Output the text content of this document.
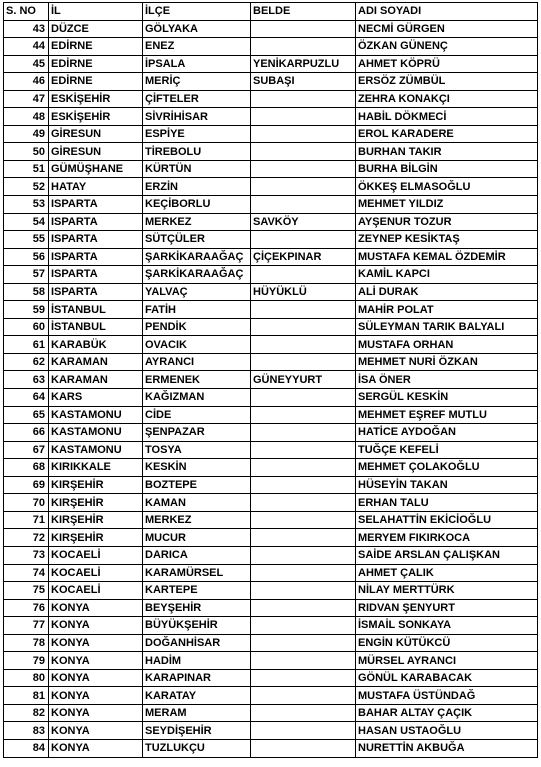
S. NO	İL	İLÇE	BELDE	ADI SOYADI
43	DÜZCE	GÖLYAKA		NECMİ GÜRGEN
44	EDİRNE	ENEZ		ÖZKAN GÜNENÇ
45	EDİRNE	İPSALA	YENİKARPUZLU	AHMET KÖPRÜ
46	EDİRNE	MERİÇ	SUBAŞI	ERSÖZ ZÜMBÜL
47	ESKİŞEHİR	ÇİFTELER		ZEHRA KONAKÇI
48	ESKİŞEHİR	SİVRİHİSAR		HABİL DÖKMECİ
49	GİRESUN	ESPİYE		EROL KARADERE
50	GİRESUN	TİREBOLU		BURHAN TAKIR
51	GÜMÜŞHANE	KÜRTÜN		BURHA BİLGİN
52	HATAY	ERZİN		ÖKKEŞ ELMASOĞLU
53	ISPARTA	KEÇİBORLU		MEHMET YILDIZ
54	ISPARTA	MERKEZ	SAVKÖY	AYŞENUR TOZUR
55	ISPARTA	SÜTÇÜLER		ZEYNEP KESİKTAŞ
56	ISPARTA	ŞARKİKARAAĞAÇ	ÇİÇEKPINAR	MUSTAFA KEMAL ÖZDEMİR
57	ISPARTA	ŞARKİKARAAĞAÇ		KAMİL KAPCI
58	ISPARTA	YALVAÇ	HÜYÜKLÜ	ALİ DURAK
59	İSTANBUL	FATİH		MAHİR POLAT
60	İSTANBUL	PENDİK		SÜLEYMAN TARIK BALYALI
61	KARABÜK	OVACIK		MUSTAFA ORHAN
62	KARAMAN	AYRANCI		MEHMET NURİ ÖZKAN
63	KARAMAN	ERMENEK	GÜNEYYURT	İSA ÖNER
64	KARS	KAĞIZMAN		SERGÜL KESKİN
65	KASTAMONU	CİDE		MEHMET EŞREF MUTLU
66	KASTAMONU	ŞENPAZAR		HATİCE AYDOĞAN
67	KASTAMONU	TOSYA		TUĞÇE KEFELİ
68	KIRIKKALE	KESKİN		MEHMET ÇOLAKOĞLU
69	KIRŞEHİR	BOZTEPE		HÜSEYİN TAKAN
70	KIRŞEHİR	KAMAN		ERHAN TALU
71	KIRŞEHİR	MERKEZ		SELAHATTİN EKİCİOĞLU
72	KIRŞEHİR	MUCUR		MERYEM FIKIRKOCA
73	KOCAELİ	DARICA		SAİDE ARSLAN ÇALIŞKAN
74	KOCAELİ	KARAMÜRSEL		AHMET ÇALIK
75	KOCAELİ	KARTEPE		NİLAY MERTTÜRK
76	KONYA	BEYŞEHİR		RIDVAN ŞENYURT
77	KONYA	BÜYÜKŞEHİR		İSMAİL SONKAYA
78	KONYA	DOĞANHİSAR		ENGİN KÜTÜKCÜ
79	KONYA	HADİM		MÜRSEL AYRANCI
80	KONYA	KARAPINAR		GÖNÜL KARABACAK
81	KONYA	KARATAY		MUSTAFA ÜSTÜNDAĞ
82	KONYA	MERAM		BAHAR ALTAY ÇAÇIK
83	KONYA	SEYDİŞEHİR		HASAN USTAOĞLU
84	KONYA	TUZLUKÇU		NURETTİN AKBUĞA
